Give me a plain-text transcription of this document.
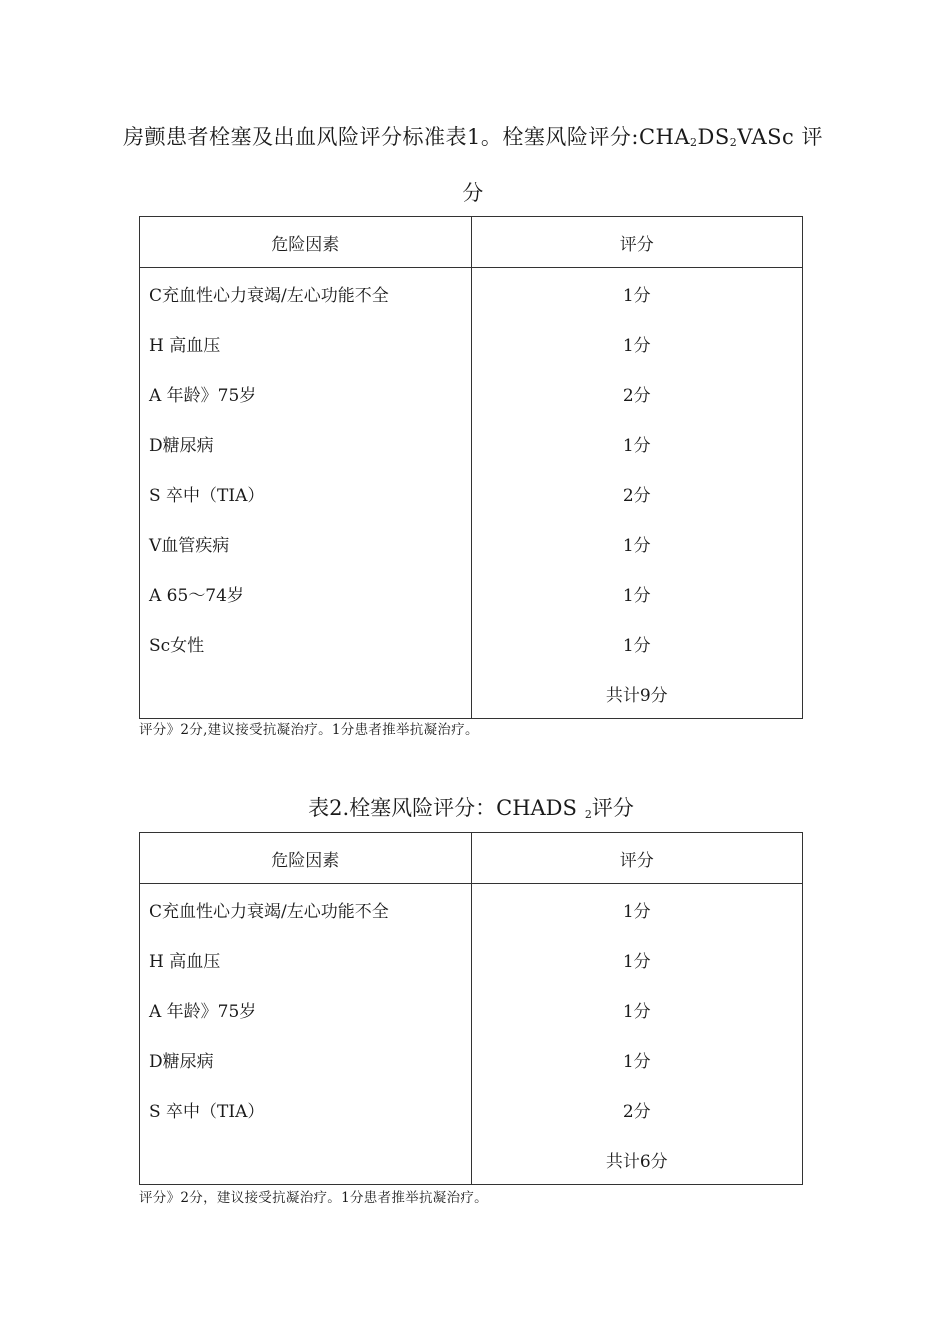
房颤患者栓塞及出血风险评分标准表1。栓塞风险评分$:CHA_2DS_2VASc$ 评分
危险因素	评分
C充血性心力衰竭/左心功能不全	1分
H 高血压	1分
A 年龄》75岁	2分
D糖尿病	1分
S 卒中（TIA）	2分
V血管疾病	1分
A 65〜74岁	1分
Sc女性	1分
	共计9分
评分》2分,建议接受抗凝治疗。1分患者推举抗凝治疗。
表2.栓塞风险评分：CHADS 2评分
危险因素	评分
C充血性心力衰竭/左心功能不全	1分
H 高血压	1分
A 年龄》75岁	1分
D糖尿病	1分
S 卒中（TIA）	2分
	共计6分
评分》2分，建议接受抗凝治疗。1分患者推举抗凝治疗。
